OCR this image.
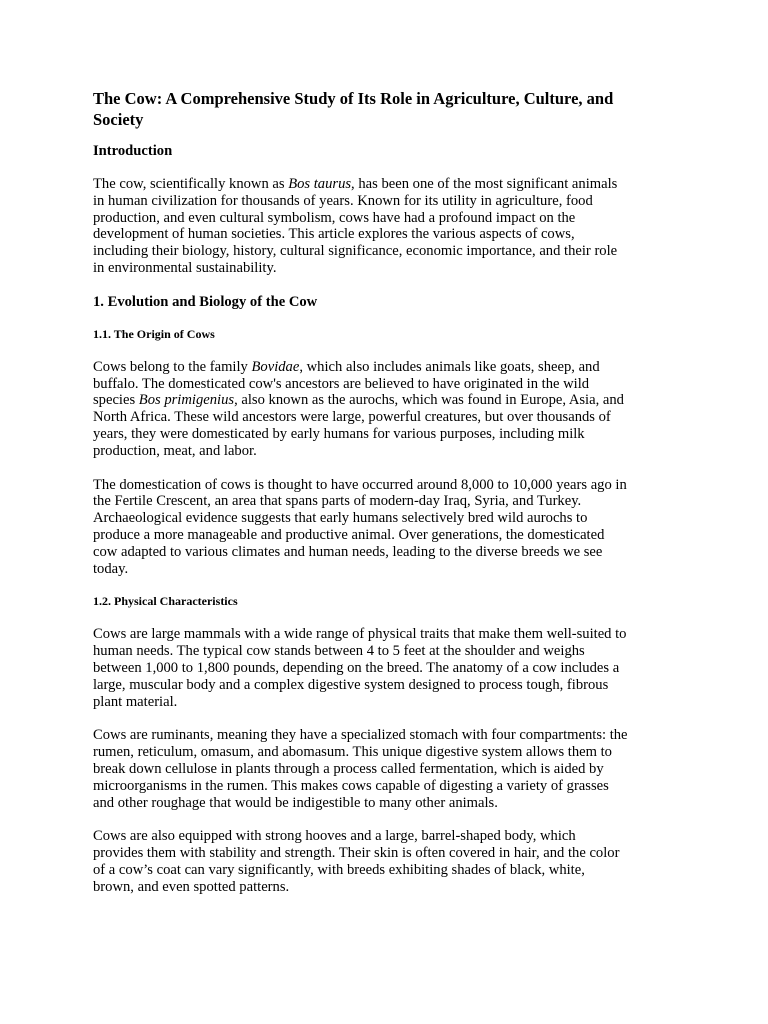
The Cow: A Comprehensive Study of Its Role in Agriculture, Culture, and Society
Introduction

The cow, scientifically known as Bos taurus, has been one of the most significant animals in human civilization for thousands of years. Known for its utility in agriculture, food production, and even cultural symbolism, cows have had a profound impact on the development of human societies. This article explores the various aspects of cows, including their biology, history, cultural significance, economic importance, and their role in environmental sustainability.

1. Evolution and Biology of the Cow
1.1. The Origin of Cows

Cows belong to the family Bovidae, which also includes animals like goats, sheep, and buffalo. The domesticated cow's ancestors are believed to have originated in the wild species Bos primigenius, also known as the aurochs, which was found in Europe, Asia, and North Africa. These wild ancestors were large, powerful creatures, but over thousands of years, they were domesticated by early humans for various purposes, including milk production, meat, and labor.

The domestication of cows is thought to have occurred around 8,000 to 10,000 years ago in the Fertile Crescent, an area that spans parts of modern-day Iraq, Syria, and Turkey. Archaeological evidence suggests that early humans selectively bred wild aurochs to produce a more manageable and productive animal. Over generations, the domesticated cow adapted to various climates and human needs, leading to the diverse breeds we see today.

1.2. Physical Characteristics

Cows are large mammals with a wide range of physical traits that make them well-suited to human needs. The typical cow stands between 4 to 5 feet at the shoulder and weighs between 1,000 to 1,800 pounds, depending on the breed. The anatomy of a cow includes a large, muscular body and a complex digestive system designed to process tough, fibrous plant material.

Cows are ruminants, meaning they have a specialized stomach with four compartments: the rumen, reticulum, omasum, and abomasum. This unique digestive system allows them to break down cellulose in plants through a process called fermentation, which is aided by microorganisms in the rumen. This makes cows capable of digesting a variety of grasses and other roughage that would be indigestible to many other animals.

Cows are also equipped with strong hooves and a large, barrel-shaped body, which provides them with stability and strength. Their skin is often covered in hair, and the color of a cow’s coat can vary significantly, with breeds exhibiting shades of black, white, brown, and even spotted patterns.
